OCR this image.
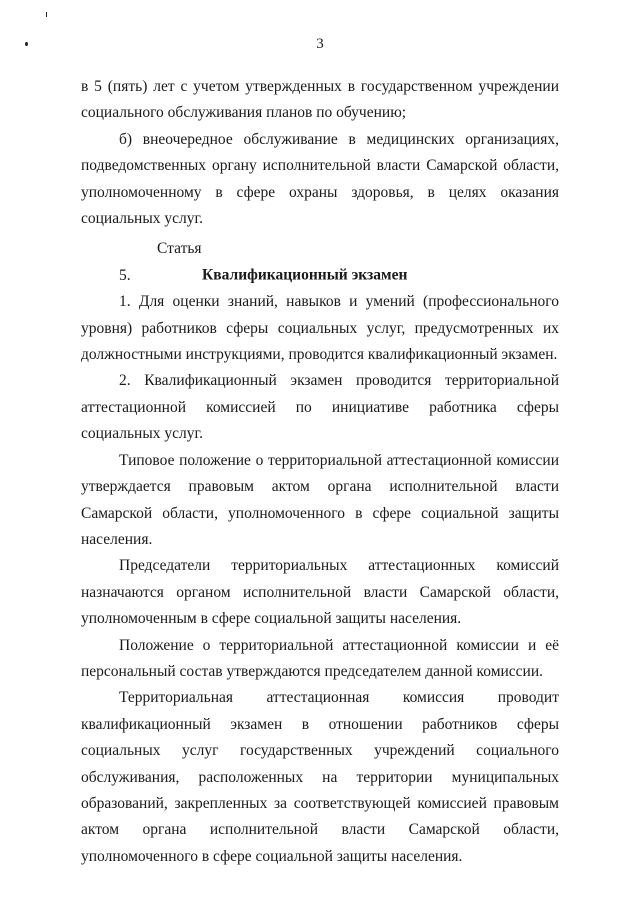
3

в 5 (пять) лет с учетом утвержденных в государственном учреждении социального обслуживания планов по обучению;

б) внеочередное обслуживание в медицинских организациях, подведомственных органу исполнительной власти Самарской области, уполномоченному в сфере охраны здоровья, в целях оказания социальных услуг.

Статья 5.	Квалификационный экзамен

1. Для оценки знаний, навыков и умений (профессионального уровня) работников сферы социальных услуг, предусмотренных их должностными инструкциями, проводится квалификационный экзамен.

2. Квалификационный экзамен проводится территориальной аттестационной комиссией по инициативе работника сферы социальных услуг.

Типовое положение о территориальной аттестационной комиссии утверждается правовым актом органа исполнительной власти Самарской области, уполномоченного в сфере социальной защиты населения.

Председатели территориальных аттестационных комиссий назначаются органом исполнительной власти Самарской области, уполномоченным в сфере социальной защиты населения.

Положение о территориальной аттестационной комиссии и её персональный состав утверждаются председателем данной комиссии.

Территориальная аттестационная комиссия проводит квалификационный экзамен в отношении работников сферы социальных услуг государственных учреждений социального обслуживания, расположенных на территории муниципальных образований, закрепленных за соответствующей комиссией правовым актом органа исполнительной власти Самарской области, уполномоченного в сфере социальной защиты населения.
